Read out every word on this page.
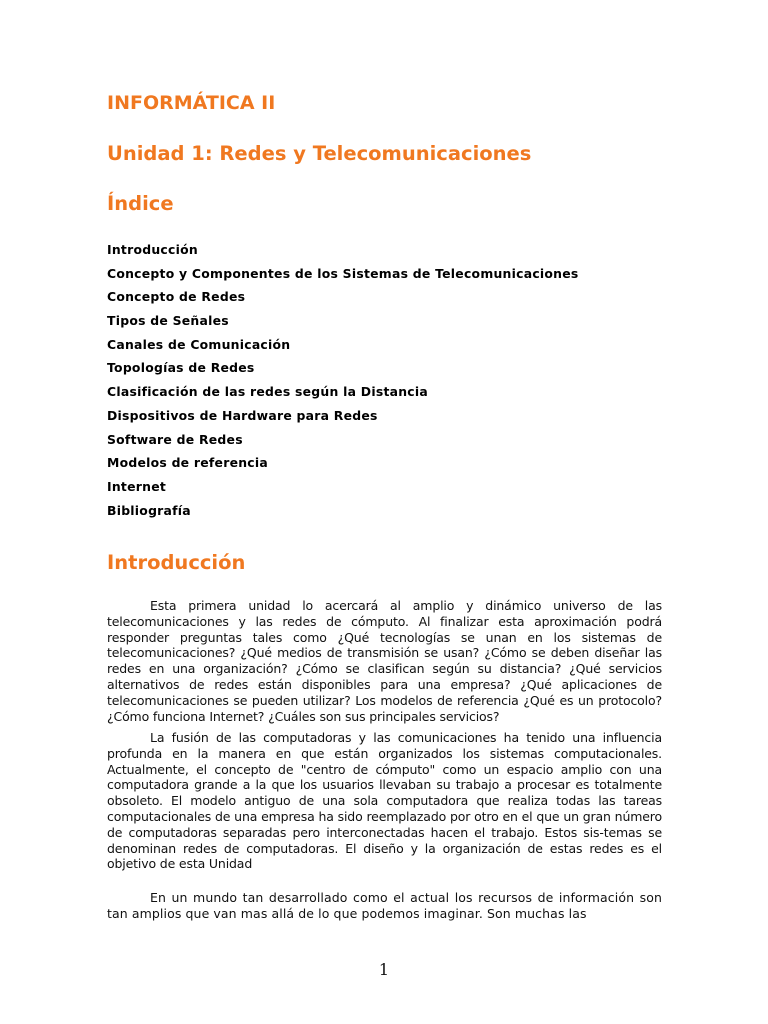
INFORMÁTICA II
Unidad 1: Redes y Telecomunicaciones
Índice
Introducción
Concepto y Componentes de los Sistemas de Telecomunicaciones
Concepto de Redes
Tipos de Señales
Canales de Comunicación
Topologías de Redes
Clasificación de las redes según la Distancia
Dispositivos de Hardware para Redes
Software de Redes
Modelos de referencia
Internet
Bibliografía
Introducción

Esta primera unidad lo acercará al amplio y dinámico universo de las telecomunicaciones y las redes de cómputo. Al finalizar esta aproximación podrá responder preguntas tales como ¿Qué tecnologías se unan en los sistemas de telecomunicaciones? ¿Qué medios de transmisión se usan? ¿Cómo se deben diseñar las redes en una organización? ¿Cómo se clasifican según su distancia? ¿Qué servicios alternativos de redes están disponibles para una empresa? ¿Qué aplicaciones de telecomunicaciones se pueden utilizar? Los modelos de referencia ¿Qué es un protocolo? ¿Cómo funciona Internet? ¿Cuáles son sus principales servicios?

La fusión de las computadoras y las comunicaciones ha tenido una influencia profunda en la manera en que están organizados los sistemas computacionales. Actualmente, el concepto de "centro de cómputo" como un espacio amplio con una computadora grande a la que los usuarios llevaban su trabajo a procesar es totalmente obsoleto. El modelo antiguo de una sola computadora que realiza todas las tareas computacionales de una empresa ha sido reemplazado por otro en el que un gran número de computadoras separadas pero interconectadas hacen el trabajo. Estos sis-temas se denominan redes de computadoras. El diseño y la organización de estas redes es el objetivo de esta Unidad

En un mundo tan desarrollado como el actual los recursos de información son tan amplios que van mas allá de lo que podemos imaginar. Son muchas las

1
